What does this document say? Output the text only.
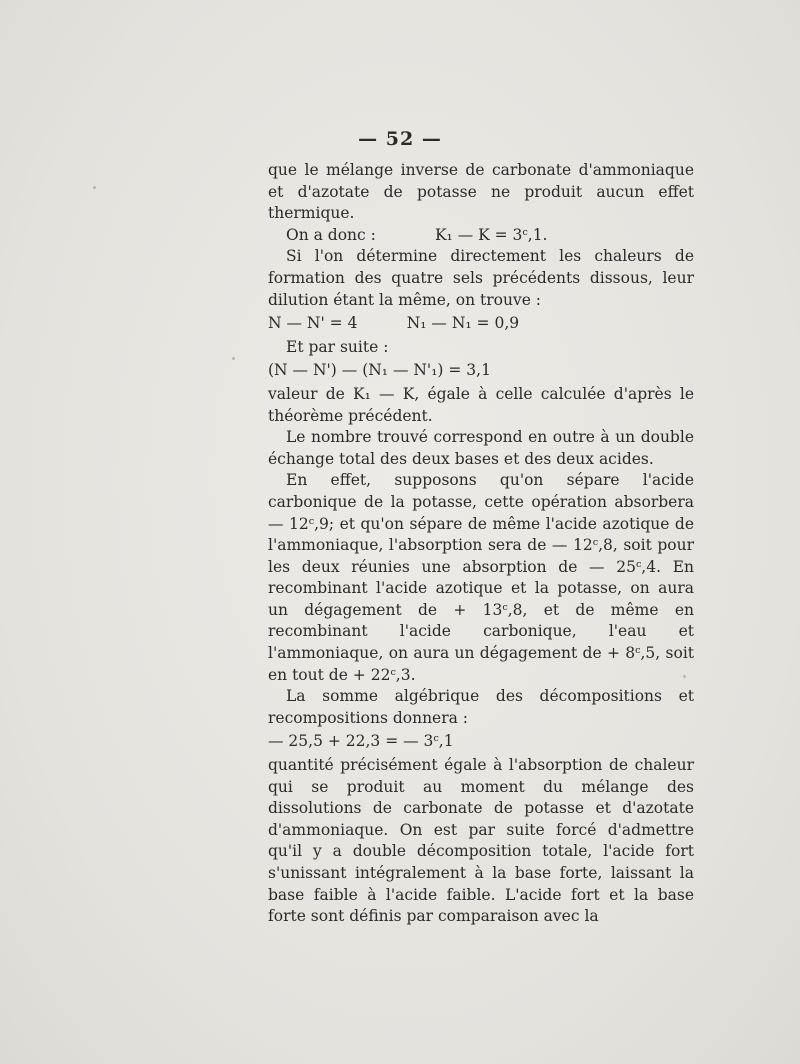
— 52 —

que le mélange inverse de carbonate d'ammoniaque et d'azotate de potasse ne produit aucun effet thermique.

On a donc :            K₁ — K = 3ᶜ,1.

Si l'on détermine directement les chaleurs de formation des quatre sels précédents dissous, leur dilution étant la même, on trouve :

N — N' = 4          N₁ — N₁ = 0,9

Et par suite :

(N — N') — (N₁ — N'₁) = 3,1

valeur de K₁ — K, égale à celle calculée d'après le théorème précédent.

Le nombre trouvé correspond en outre à un double échange total des deux bases et des deux acides.

En effet, supposons qu'on sépare l'acide carbonique de la potasse, cette opération absorbera — 12ᶜ,9; et qu'on sépare de même l'acide azotique de l'ammoniaque, l'absorption sera de — 12ᶜ,8, soit pour les deux réunies une absorption de — 25ᶜ,4. En recombinant l'acide azotique et la potasse, on aura un dégagement de + 13ᶜ,8, et de même en recombinant l'acide carbonique, l'eau et l'ammoniaque, on aura un dégagement de + 8ᶜ,5, soit en tout de + 22ᶜ,3.

La somme algébrique des décompositions et recompositions donnera :

— 25,5 + 22,3 = — 3ᶜ,1

quantité précisément égale à l'absorption de chaleur qui se produit au moment du mélange des dissolutions de carbonate de potasse et d'azotate d'ammoniaque. On est par suite forcé d'admettre qu'il y a double décomposition totale, l'acide fort s'unissant intégralement à la base forte, laissant la base faible à l'acide faible. L'acide fort et la base forte sont définis par comparaison avec la
